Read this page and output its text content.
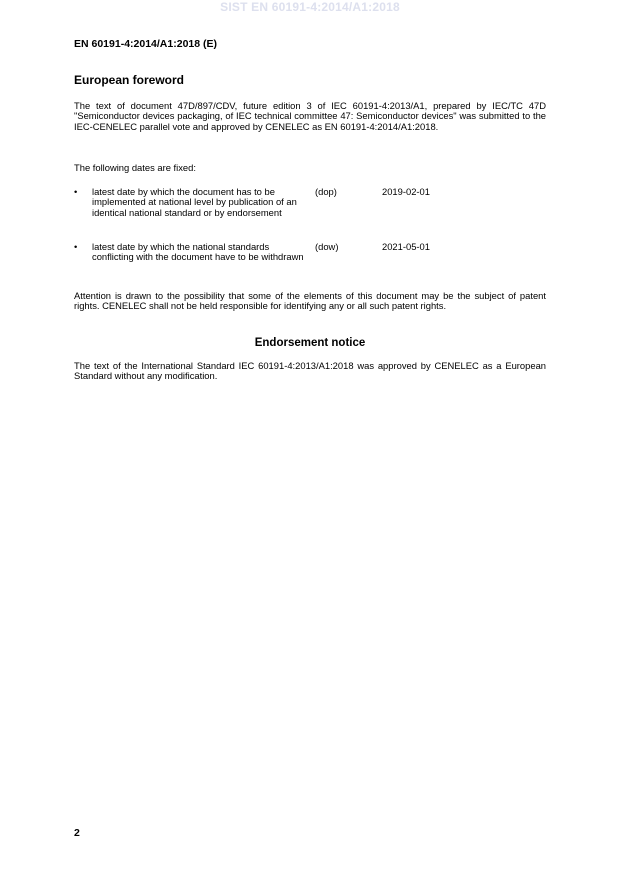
SIST EN 60191-4:2014/A1:2018
EN 60191-4:2014/A1:2018 (E)
European foreword
The text of document 47D/897/CDV, future edition 3 of IEC 60191-4:2013/A1, prepared by IEC/TC 47D "Semiconductor devices packaging, of IEC technical committee 47: Semiconductor devices" was submitted to the IEC-CENELEC parallel vote and approved by CENELEC as EN 60191-4:2014/A1:2018.
The following dates are fixed:
• latest date by which the document has to be implemented at national level by publication of an identical national standard or by endorsement
(dop)	2019-02-01
• latest date by which the national standards conflicting with the document have to be withdrawn
(dow)	2021-05-01
Attention is drawn to the possibility that some of the elements of this document may be the subject of patent rights. CENELEC shall not be held responsible for identifying any or all such patent rights.
Endorsement notice
The text of the International Standard IEC 60191-4:2013/A1:2018 was approved by CENELEC as a European Standard without any modification.
2
